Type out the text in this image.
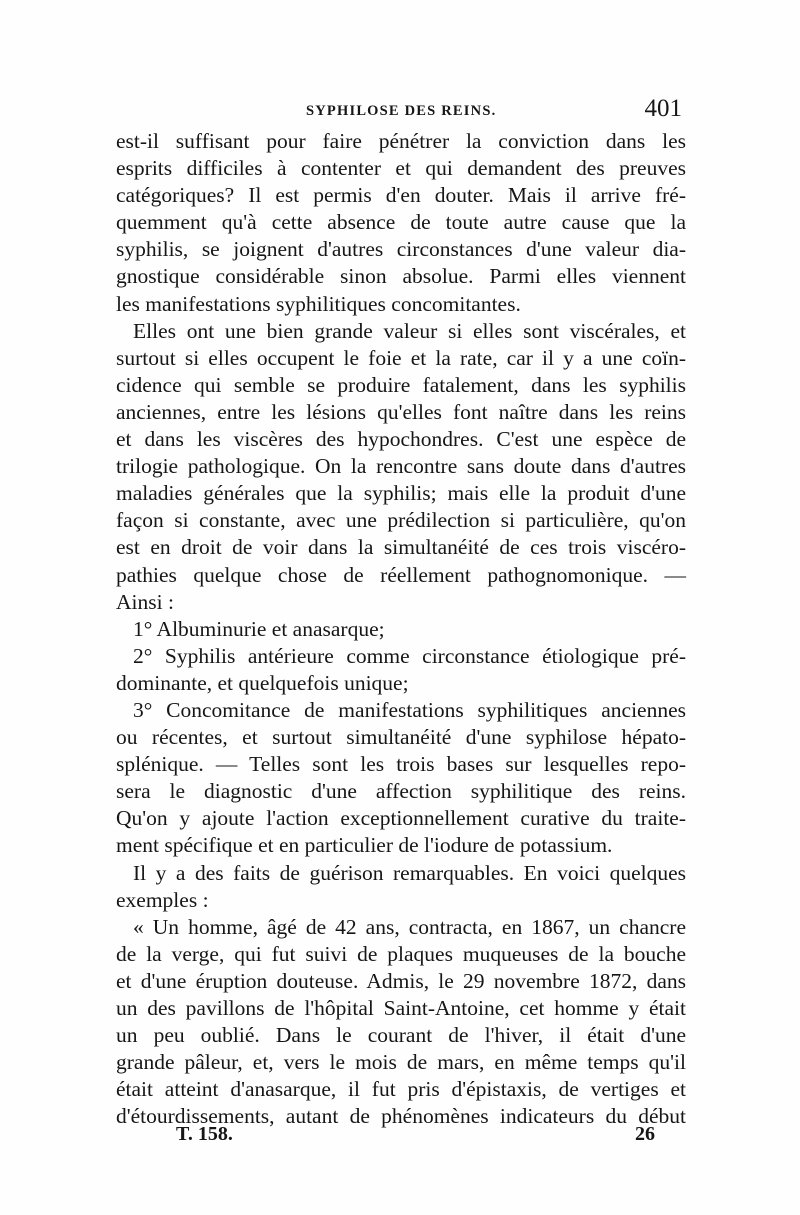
SYPHILOSE DES REINS.	401
est-il suffisant pour faire pénétrer la conviction dans les
esprits difficiles à contenter et qui demandent des preuves
catégoriques? Il est permis d'en douter. Mais il arrive fré-
quemment qu'à cette absence de toute autre cause que la
syphilis, se joignent d'autres circonstances d'une valeur dia-
gnostique considérable sinon absolue. Parmi elles viennent
les manifestations syphilitiques concomitantes.
Elles ont une bien grande valeur si elles sont viscérales, et
surtout si elles occupent le foie et la rate, car il y a une coïn-
cidence qui semble se produire fatalement, dans les syphilis
anciennes, entre les lésions qu'elles font naître dans les reins
et dans les viscères des hypochondres. C'est une espèce de
trilogie pathologique. On la rencontre sans doute dans d'autres
maladies générales que la syphilis; mais elle la produit d'une
façon si constante, avec une prédilection si particulière, qu'on
est en droit de voir dans la simultanéité de ces trois viscéro-
pathies quelque chose de réellement pathognomonique. —
Ainsi :
1° Albuminurie et anasarque;
2° Syphilis antérieure comme circonstance étiologique pré-
dominante, et quelquefois unique;
3° Concomitance de manifestations syphilitiques anciennes
ou récentes, et surtout simultanéité d'une syphilose hépato-
splénique. — Telles sont les trois bases sur lesquelles repo-
sera le diagnostic d'une affection syphilitique des reins.
Qu'on y ajoute l'action exceptionnellement curative du traite-
ment spécifique et en particulier de l'iodure de potassium.
Il y a des faits de guérison remarquables. En voici quelques
exemples :
« Un homme, âgé de 42 ans, contracta, en 1867, un chancre
de la verge, qui fut suivi de plaques muqueuses de la bouche
et d'une éruption douteuse. Admis, le 29 novembre 1872, dans
un des pavillons de l'hôpital Saint-Antoine, cet homme y était
un peu oublié. Dans le courant de l'hiver, il était d'une
grande pâleur, et, vers le mois de mars, en même temps qu'il
était atteint d'anasarque, il fut pris d'épistaxis, de vertiges et
d'étourdissements, autant de phénomènes indicateurs du début
T. 158.	26
